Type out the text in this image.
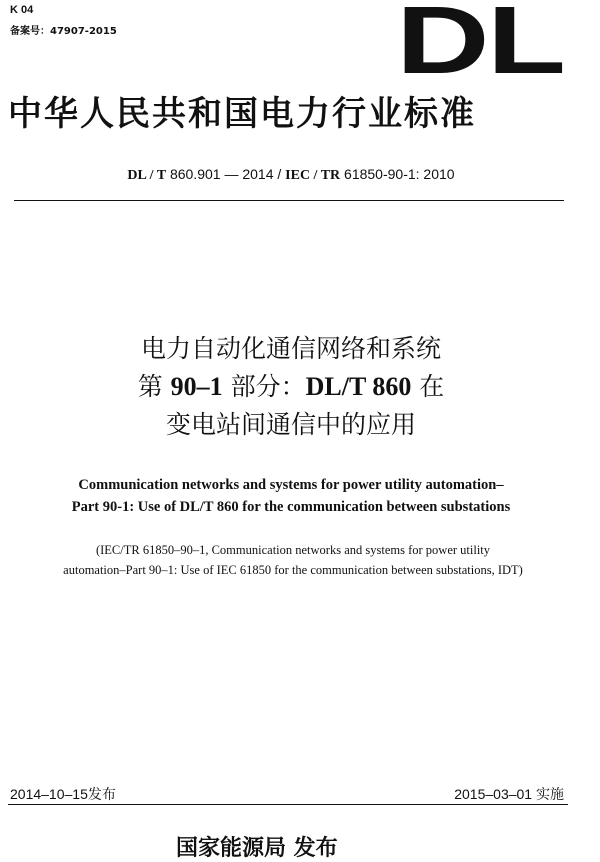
K 04
备案号：47907-2015	DL
中华人民共和国电力行业标准
DL / T 860.901 — 2014 / IEC / TR 61850-90-1: 2010
电力自动化通信网络和系统
第 90–1 部分：DL/T 860 在
变电站间通信中的应用
Communication networks and systems for power utility automation–
Part 90-1: Use of DL/T 860 for the communication between substations
(IEC/TR 61850–90–1, Communication networks and systems for power utility
automation–Part 90–1: Use of IEC 61850 for the communication between substations, IDT)
2014–10–15发布	2015–03–01 实施
国家能源局 发布
